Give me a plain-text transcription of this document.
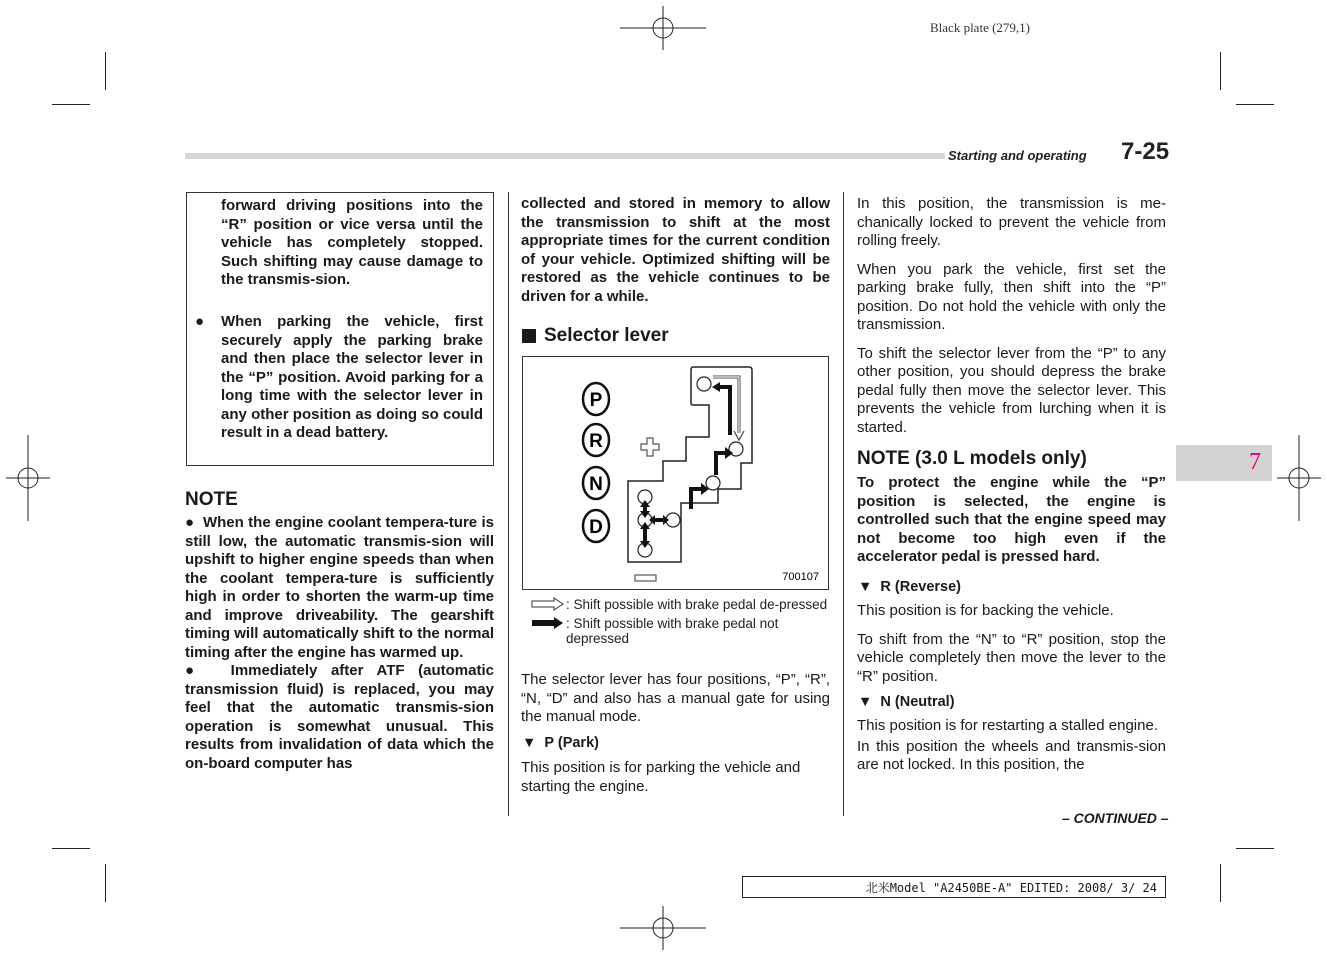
Black plate (279,1)
Starting and operating 7-25
7

forward driving positions into the “R” position or vice versa until the vehicle has completely stopped. Such shifting may cause damage to the transmis-sion.

●	When parking the vehicle, first securely apply the parking brake and then place the selector lever in the “P” position. Avoid parking for a long time with the selector lever in any other position as doing so could result in a dead battery.
NOTE
●  When the engine coolant tempera-ture is still low, the automatic transmis-sion will upshift to higher engine speeds than when the coolant tempera-ture is sufficiently high in order to shorten the warm-up time and improve driveability. The gearshift timing will automatically shift to the normal timing after the engine has warmed up.
●  Immediately after ATF (automatic transmission fluid) is replaced, you may feel that the automatic transmis-sion operation is somewhat unusual. This results from invalidation of data which the on-board computer has

collected and stored in memory to allow the transmission to shift at the most appropriate times for the current condition of your vehicle. Optimized shifting will be restored as the vehicle continues to be driven for a while.

Selector lever
P
R
N
D
700107
: Shift possible with brake pedal de-pressed
: Shift possible with brake pedal not depressed

The selector lever has four positions, “P”, “R”, “N, “D” and also has a manual gate for using the manual mode.

▼  P (Park)

This position is for parking the vehicle and starting the engine.

In this position, the transmission is me-chanically locked to prevent the vehicle from rolling freely.

When you park the vehicle, first set the parking brake fully, then shift into the “P” position. Do not hold the vehicle with only the transmission.

To shift the selector lever from the “P” to any other position, you should depress the brake pedal fully then move the selector lever. This prevents the vehicle from lurching when it is started.

NOTE (3.0 L models only)

To protect the engine while the “P” position is selected, the engine is controlled such that the engine speed may not become too high even if the accelerator pedal is pressed hard.

▼  R (Reverse)

This position is for backing the vehicle.

To shift from the “N” to “R” position, stop the vehicle completely then move the lever to the “R” position.

▼  N (Neutral)

This position is for restarting a stalled engine.

In this position the wheels and transmis-sion are not locked. In this position, the

– CONTINUED –
北米Model "A2450BE-A" EDITED: 2008/ 3/ 24
